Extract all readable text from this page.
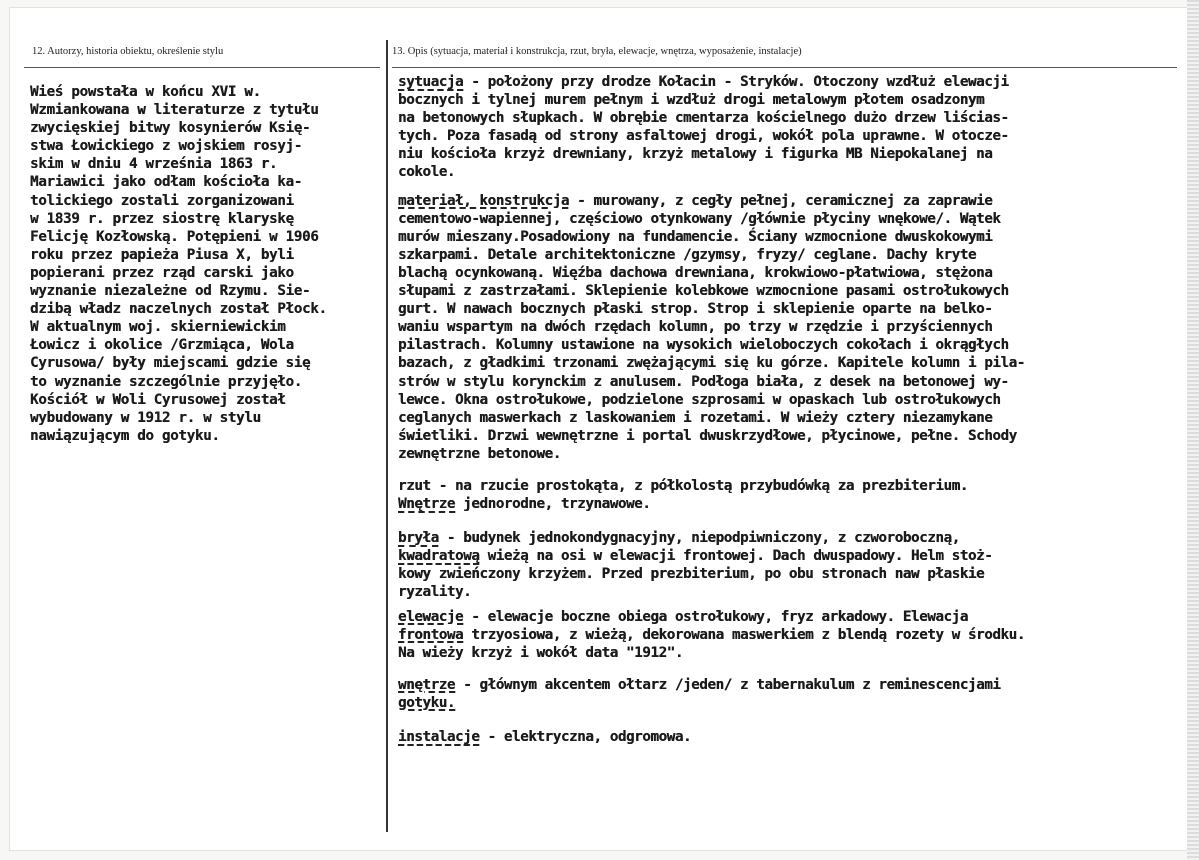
12. Autorzy, historia obiektu, określenie stylu	13. Opis (sytuacja, materiał i konstrukcja, rzut, bryła, elewacje, wnętrza, wyposażenie, instalacje)
Wieś powstała w końcu XVI w.
Wzmiankowana w literaturze z tytułu
zwycięskiej bitwy kosynierów Księ-
stwa Łowickiego z wojskiem rosyj-
skim w dniu 4 września 1863 r.
Mariawici jako odłam kościoła ka-
tolickiego zostali zorganizowani
w 1839 r. przez siostrę klaryskę
Felicję Kozłowską. Potępieni w 1906
roku przez papieża Piusa X, byli
popierani przez rząd carski jako
wyznanie niezależne od Rzymu. Sie-
dzibą władz naczelnych został Płock.
W aktualnym woj. skierniewickim
Łowicz i okolice /Grzmiąca, Wola
Cyrusowa/ były miejscami gdzie się
to wyznanie szczególnie przyjęło.
Kościół w Woli Cyrusowej został
wybudowany w 1912 r. w stylu
nawiązującym do gotyku.
sytuacja - położony przy drodze Kołacin - Stryków. Otoczony wzdłuż elewacji
bocznych i tylnej murem pełnym i wzdłuż drogi metalowym płotem osadzonym
na betonowych słupkach. W obrębie cmentarza kościelnego dużo drzew liścias-
tych. Poza fasadą od strony asfaltowej drogi, wokół pola uprawne. W otocze-
niu kościoła krzyż drewniany, krzyż metalowy i figurka MB Niepokalanej na
cokole.
materiał, konstrukcja - murowany, z cegły pełnej, ceramicznej za zaprawie
cementowo-wapiennej, częściowo otynkowany /głównie płyciny wnękowe/. Wątek
murów mieszany.Posadowiony na fundamencie. Ściany wzmocnione dwuskokowymi
szkarpami. Detale architektoniczne /gzymsy, fryzy/ ceglane. Dachy kryte
blachą ocynkowaną. Więźba dachowa drewniana, krokwiowo-płatwiowa, stężona
słupami z zastrzałami. Sklepienie kolebkowe wzmocnione pasami ostrołukowych
gurt. W nawach bocznych płaski strop. Strop i sklepienie oparte na belko-
waniu wspartym na dwóch rzędach kolumn, po trzy w rzędzie i przyściennych
pilastrach. Kolumny ustawione na wysokich wieloboczych cokołach i okrągłych
bazach, z gładkimi trzonami zwężającymi się ku górze. Kapitele kolumn i pila-
strów w stylu korynckim z anulusem. Podłoga biała, z desek na betonowej wy-
lewce. Okna ostrołukowe, podzielone szprosami w opaskach lub ostrołukowych
ceglanych maswerkach z laskowaniem i rozetami. W wieży cztery niezamykane
świetliki. Drzwi wewnętrzne i portal dwuskrzydłowe, płycinowe, pełne. Schody
zewnętrzne betonowe.
rzut - na rzucie prostokąta, z półkolostą przybudówką za prezbiterium.
Wnętrze jednorodne, trzynawowe.
bryła - budynek jednokondygnacyjny, niepodpiwniczony, z czworoboczną,
kwadratową wieżą na osi w elewacji frontowej. Dach dwuspadowy. Helm stoż-
kowy zwieńczony krzyżem. Przed prezbiterium, po obu stronach naw płaskie
ryzality.
elewacje - elewacje boczne obiega ostrołukowy, fryz arkadowy. Elewacja
frontowa trzyosiowa, z wieżą, dekorowana maswerkiem z blendą rozety w środku.
Na wieży krzyż i wokół data "1912".
wnętrze - głównym akcentem ołtarz /jeden/ z tabernakulum z reminescencjami
gotyku.
instalacje - elektryczna, odgromowa.
